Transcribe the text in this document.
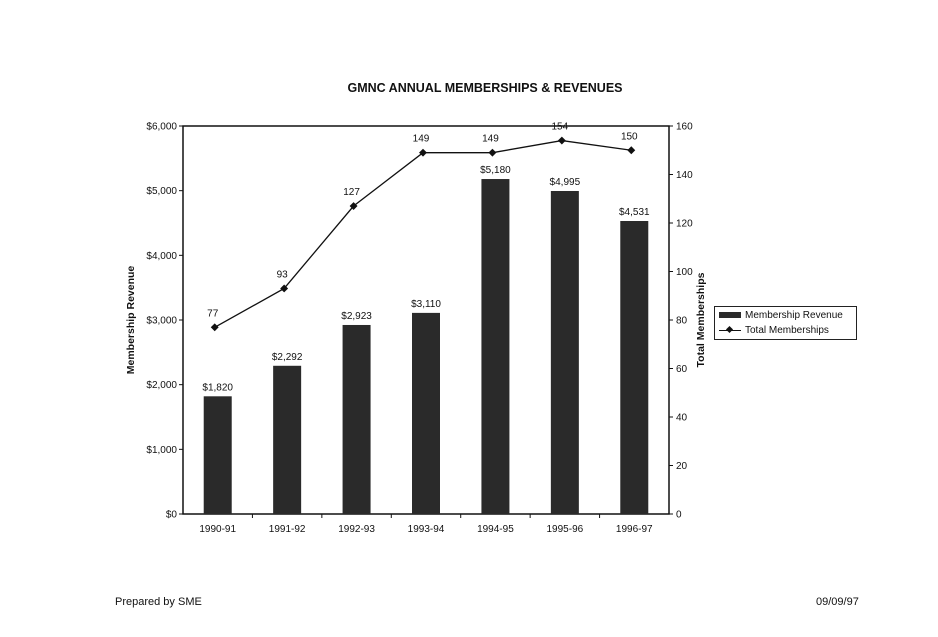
GMNC ANNUAL MEMBERSHIPS & REVENUES
$0
$1,000
$2,000
$3,000
$4,000
$5,000
$6,000
0
20
40
60
80
100
120
140
160
1990-91	1991-92	1992-93	1993-94	1994-95	1995-96	1996-97
$1,820
$2,292
$2,923
$3,110
$5,180
$4,995
$4,531
77
93
127
149	149
154
150
Membership Revenue	Total Memberships	Membership Revenue
Total Memberships
Prepared by SME	09/09/97
